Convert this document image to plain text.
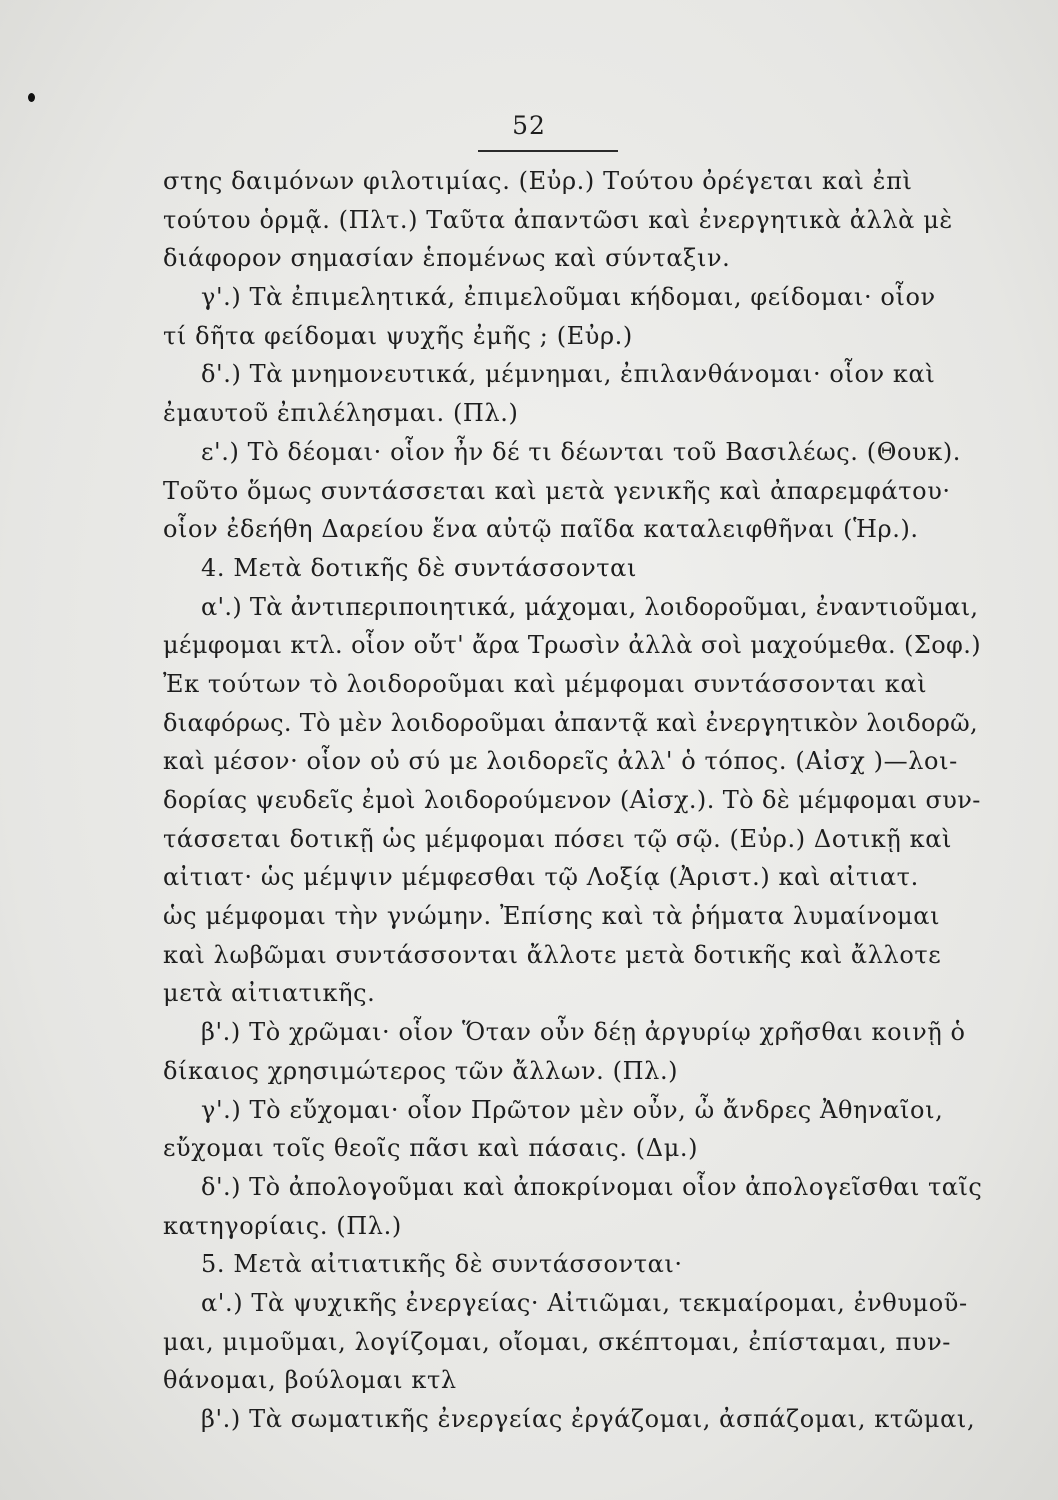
52
στης δαιμόνων φιλοτιμίας. (Εὐρ.) Τούτου ὀρέγεται καὶ ἐπὶ
τούτου ὁρμᾷ. (Πλτ.) Ταῦτα ἀπαντῶσι καὶ ἐνεργητικὰ ἀλλὰ μὲ
διάφορον σημασίαν ἑπομένως καὶ σύνταξιν.
γ'.) Τὰ ἐπιμελητικά, ἐπιμελοῦμαι κήδομαι, φείδομαι· οἷον
τί δῆτα φείδομαι ψυχῆς ἐμῆς ; (Εὐρ.)
δ'.) Τὰ μνημονευτικά, μέμνημαι, ἐπιλανθάνομαι· οἷον καὶ
ἐμαυτοῦ ἐπιλέλησμαι. (Πλ.)
ε'.) Τὸ δέομαι· οἷον ἦν δέ τι δέωνται τοῦ Βασιλέως. (Θουκ).
Τοῦτο ὅμως συντάσσεται καὶ μετὰ γενικῆς καὶ ἀπαρεμφάτου·
οἷον ἐδεήθη Δαρείου ἕνα αὐτῷ παῖδα καταλειφθῆναι (Ἡρ.).
4. Μετὰ δοτικῆς δὲ συντάσσονται
α'.) Τὰ ἀντιπεριποιητικά, μάχομαι, λοιδοροῦμαι, ἐναντιοῦμαι,
μέμφομαι κτλ. οἷον οὔτ' ἄρα Τρωσὶν ἀλλὰ σοὶ μαχούμεθα. (Σοφ.)
Ἐκ τούτων τὸ λοιδοροῦμαι καὶ μέμφομαι συντάσσονται καὶ
διαφόρως. Τὸ μὲν λοιδοροῦμαι ἀπαντᾷ καὶ ἐνεργητικὸν λοιδορῶ,
καὶ μέσον· οἷον οὐ σύ με λοιδορεῖς ἀλλ' ὁ τόπος. (Αἰσχ )—λοι-
δορίας ψευδεῖς ἐμοὶ λοιδορούμενον (Αἰσχ.). Τὸ δὲ μέμφομαι συν-
τάσσεται δοτικῇ ὡς μέμφομαι πόσει τῷ σῷ. (Εὐρ.) Δοτικῇ καὶ
αἰτιατ· ὡς μέμψιν μέμφεσθαι τῷ Λοξίᾳ (Ἀριστ.) καὶ αἰτιατ.
ὡς μέμφομαι τὴν γνώμην. Ἐπίσης καὶ τὰ ῥήματα λυμαίνομαι
καὶ λωβῶμαι συντάσσονται ἄλλοτε μετὰ δοτικῆς καὶ ἄλλοτε
μετὰ αἰτιατικῆς.
β'.) Τὸ χρῶμαι· οἷον Ὅταν οὖν δέῃ ἀργυρίῳ χρῆσθαι κοινῇ ὁ
δίκαιος χρησιμώτερος τῶν ἄλλων. (Πλ.)
γ'.) Τὸ εὔχομαι· οἷον Πρῶτον μὲν οὖν, ὦ ἄνδρες Ἀθηναῖοι,
εὔχομαι τοῖς θεοῖς πᾶσι καὶ πάσαις. (Δμ.)
δ'.) Τὸ ἀπολογοῦμαι καὶ ἀποκρίνομαι οἷον ἀπολογεῖσθαι ταῖς
κατηγορίαις. (Πλ.)
5. Μετὰ αἰτιατικῆς δὲ συντάσσονται·
α'.) Τὰ ψυχικῆς ἐνεργείας· Αἰτιῶμαι, τεκμαίρομαι, ἐνθυμοῦ-
μαι, μιμοῦμαι, λογίζομαι, οἴομαι, σκέπτομαι, ἐπίσταμαι, πυν-
θάνομαι, βούλομαι κτλ
β'.) Τὰ σωματικῆς ἐνεργείας ἐργάζομαι, ἀσπάζομαι, κτῶμαι,
